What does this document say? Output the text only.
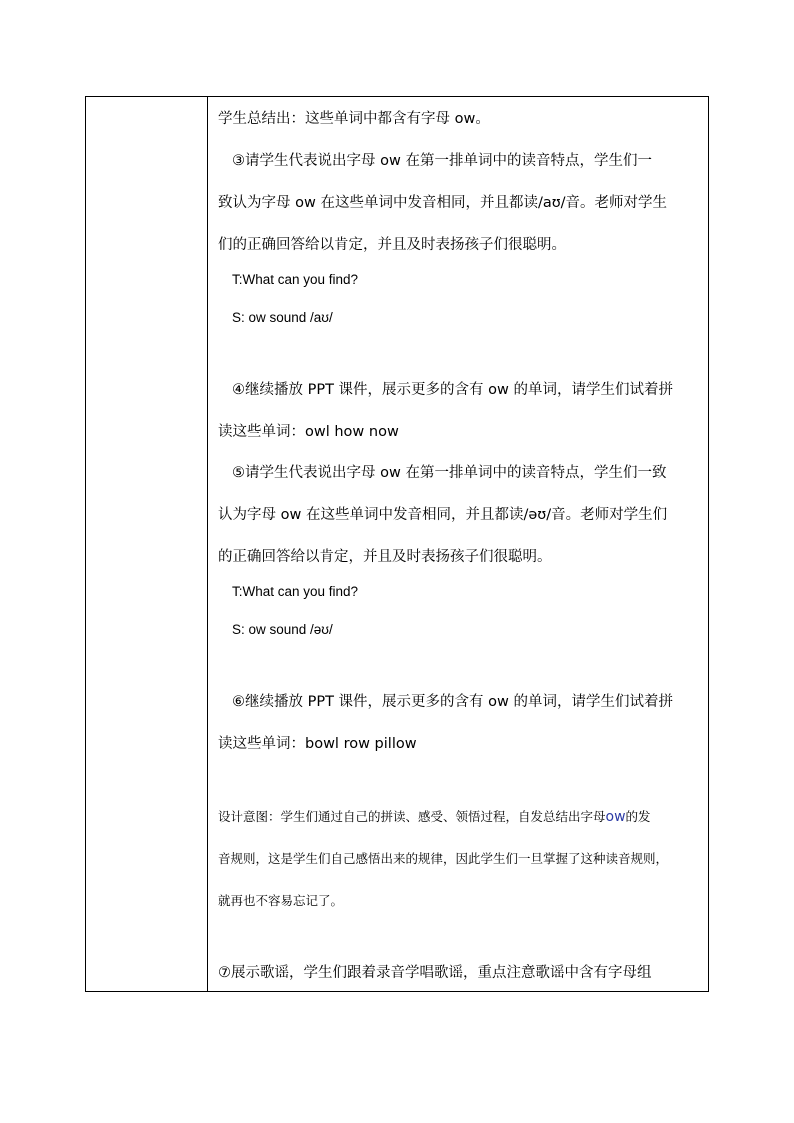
学生总结出：这些单词中都含有字母 ow。
③请学生代表说出字母 ow 在第一排单词中的读音特点，学生们一
致认为字母 ow 在这些单词中发音相同，并且都读/aʊ/音。老师对学生
们的正确回答给以肯定，并且及时表扬孩子们很聪明。
T:What can you find?
S: ow sound /aʊ/
④继续播放 PPT 课件，展示更多的含有 ow 的单词，请学生们试着拼
读这些单词：owl how now
⑤请学生代表说出字母 ow 在第一排单词中的读音特点，学生们一致
认为字母 ow 在这些单词中发音相同，并且都读/əʊ/音。老师对学生们
的正确回答给以肯定，并且及时表扬孩子们很聪明。
T:What can you find?
S: ow sound /əʊ/
⑥继续播放 PPT 课件，展示更多的含有 ow 的单词，请学生们试着拼
读这些单词：bowl row pillow
设计意图：学生们通过自己的拼读、感受、领悟过程，自发总结出字母ow的发
音规则，这是学生们自己感悟出来的规律，因此学生们一旦掌握了这种读音规则，
就再也不容易忘记了。
⑦展示歌谣，学生们跟着录音学唱歌谣，重点注意歌谣中含有字母组
